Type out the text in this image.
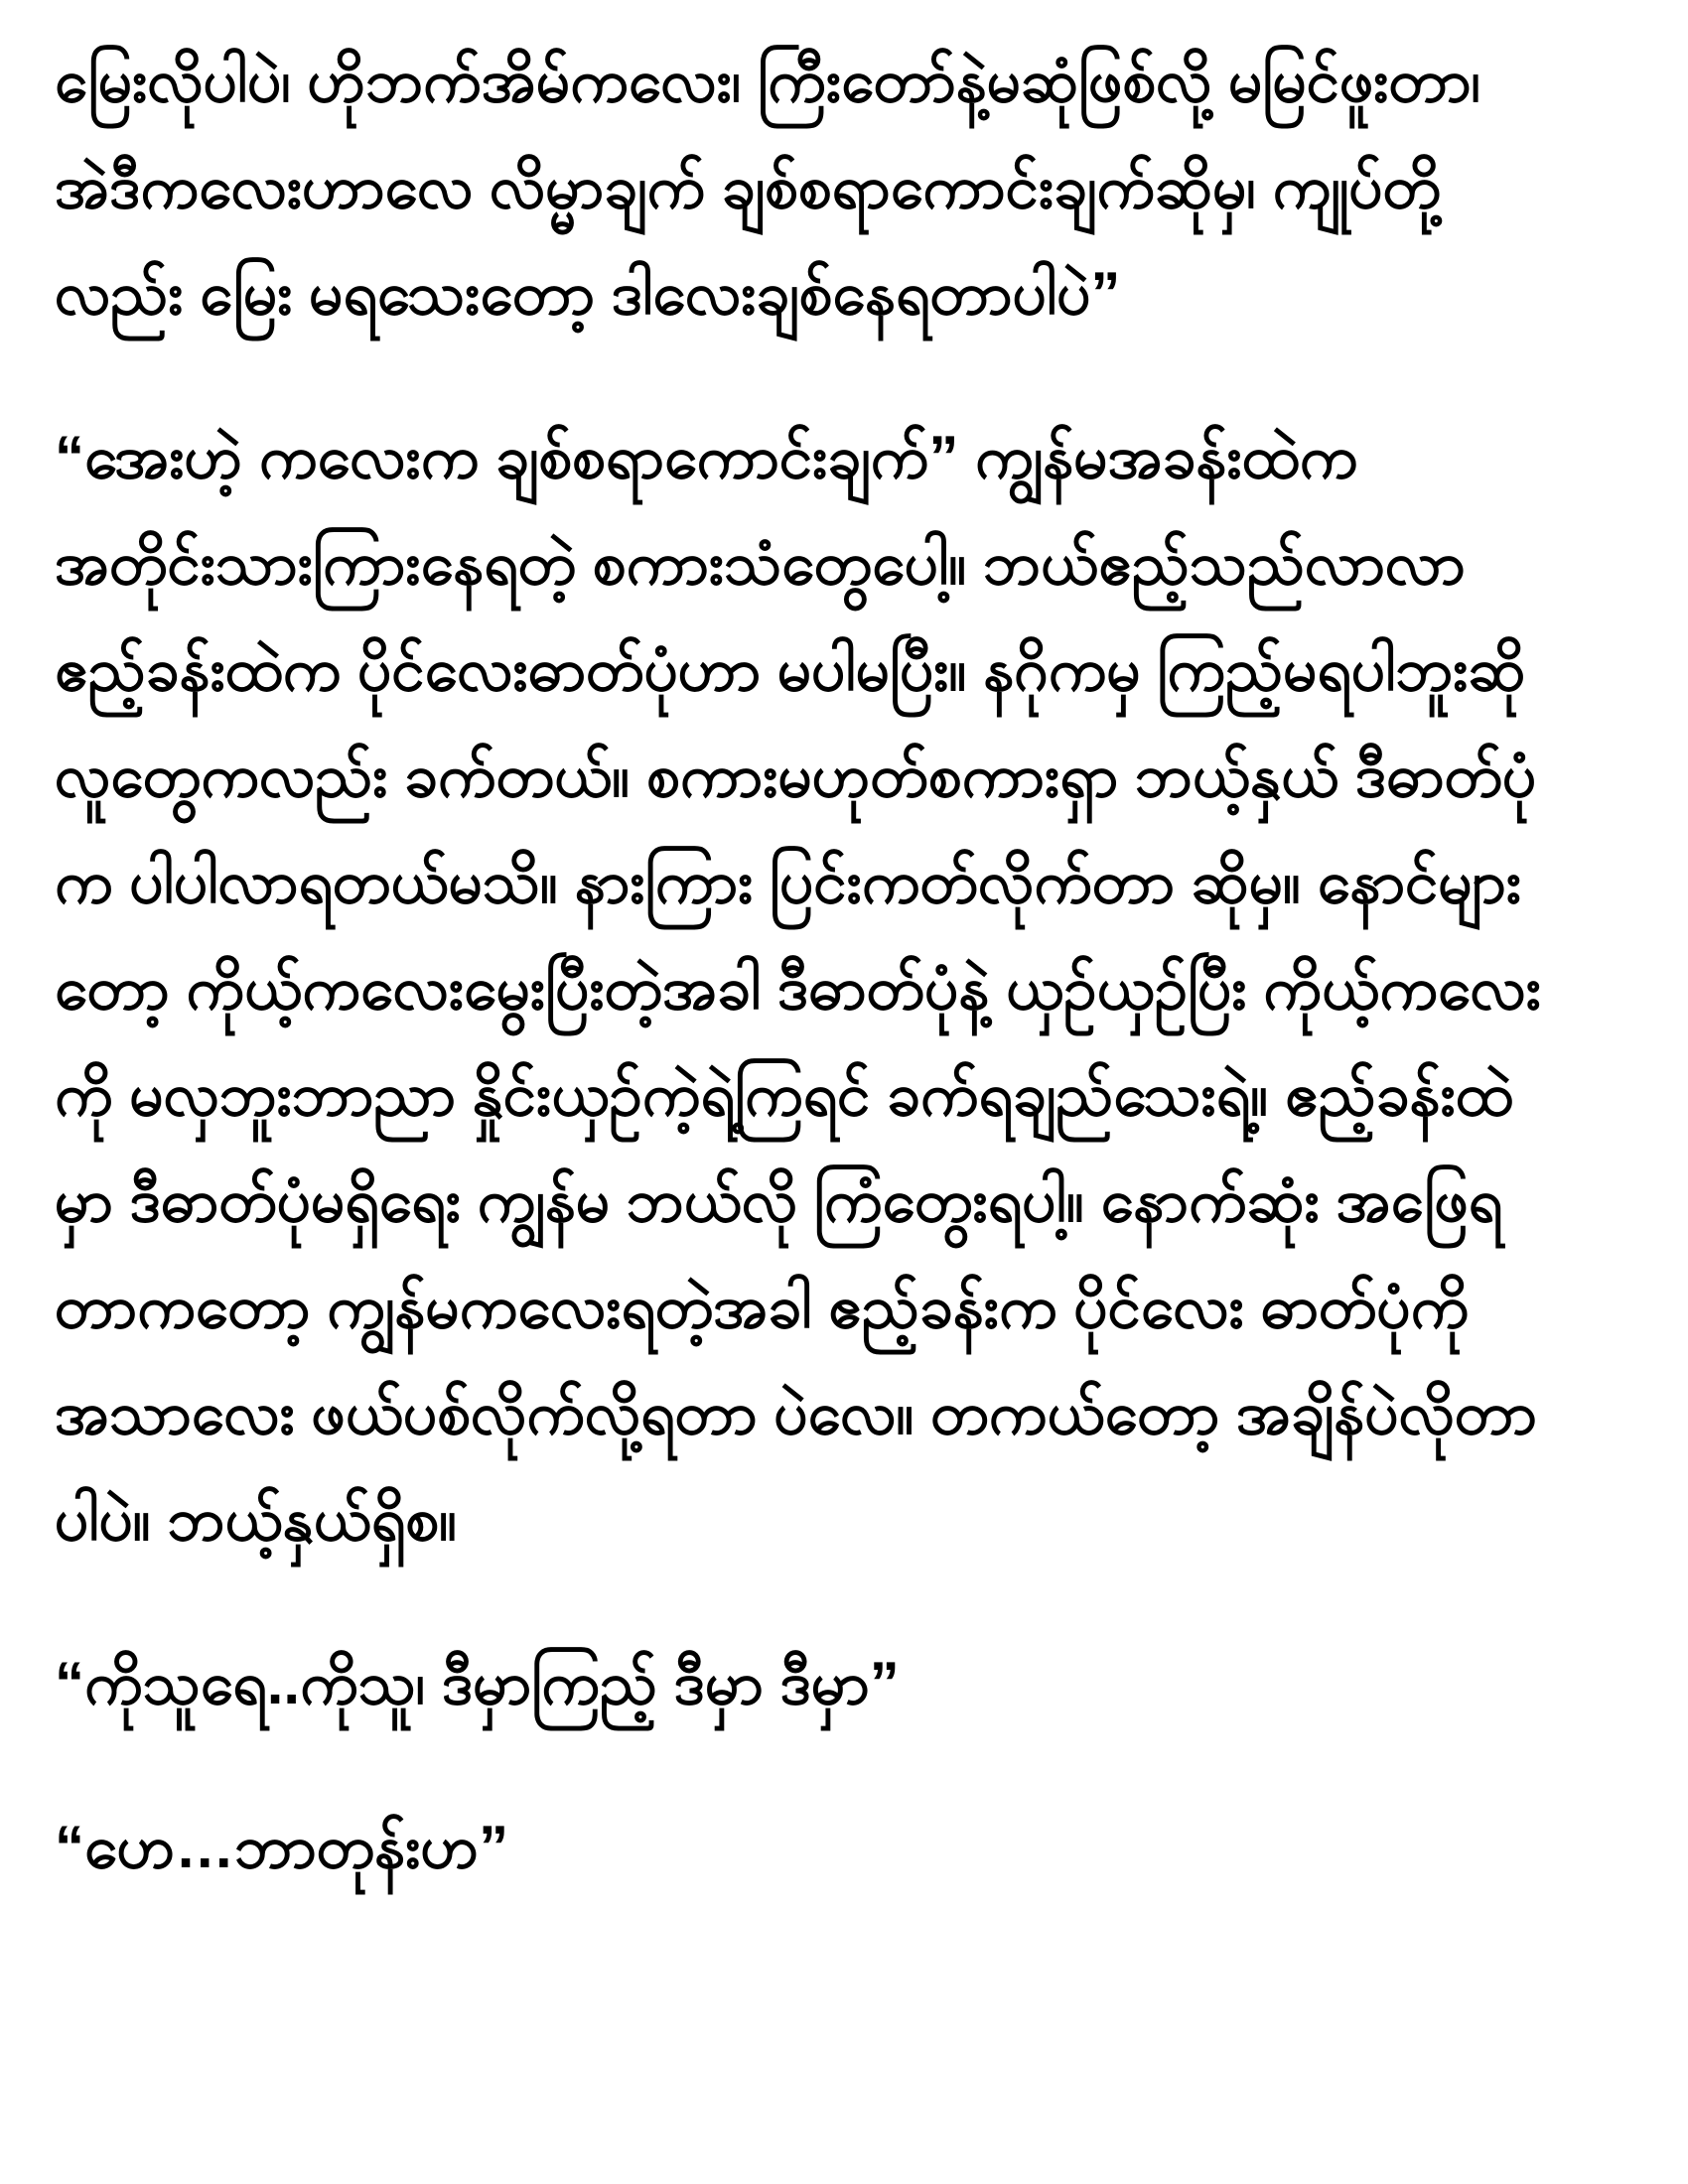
မြေးလိုပါပဲ၊ ဟိုဘက်အိမ်ကလေး၊ ကြီးတော်နဲ့မဆုံဖြစ်လို့ မမြင်ဖူးတာ၊
အဲဒီကလေးဟာလေ လိမ္မာချက် ချစ်စရာကောင်းချက်ဆိုမှ၊ ကျုပ်တို့
လည်း မြေး မရသေးတော့ ဒါလေးချစ်နေရတာပါပဲ”
“အေးဟဲ့ ကလေးက ချစ်စရာကောင်းချက်” ကျွန်မအခန်းထဲက
အတိုင်းသားကြားနေရတဲ့ စကားသံတွေပေါ့။ ဘယ်ဧည့်သည်လာလာ
ဧည့်ခန်းထဲက ပိုင်လေးဓာတ်ပုံဟာ မပါမပြီး။ နဂိုကမှ ကြည့်မရပါဘူးဆို
လူတွေကလည်း ခက်တယ်။ စကားမဟုတ်စကားရှာ ဘယ့်နှယ် ဒီဓာတ်ပုံ
က ပါပါလာရတယ်မသိ။ နားကြား ပြင်းကတ်လိုက်တာ ဆိုမှ။ နောင်များ
တော့ ကိုယ့်ကလေးမွေးပြီးတဲ့အခါ ဒီဓာတ်ပုံနဲ့ ယှဉ်ယှဉ်ပြီး ကိုယ့်ကလေး
ကို မလှဘူးဘာညာ နှိုင်းယှဉ်ကဲ့ရဲ့ကြရင် ခက်ရချည်သေးရဲ့။ ဧည့်ခန်းထဲ
မှာ ဒီဓာတ်ပုံမရှိရေး ကျွန်မ ဘယ်လို ကြံတွေးရပါ့။ နောက်ဆုံး အဖြေရ
တာကတော့ ကျွန်မကလေးရတဲ့အခါ ဧည့်ခန်းက ပိုင်လေး ဓာတ်ပုံကို
အသာလေး ဖယ်ပစ်လိုက်လို့ရတာ ပဲလေ။ တကယ်တော့ အချိန်ပဲလိုတာ
ပါပဲ။ ဘယ့်နှယ်ရှိစ။
“ကိုသူရေ..ကိုသူ၊ ဒီမှာကြည့် ဒီမှာ ဒီမှာ”
“ဟေ…ဘာတုန်းဟ”
